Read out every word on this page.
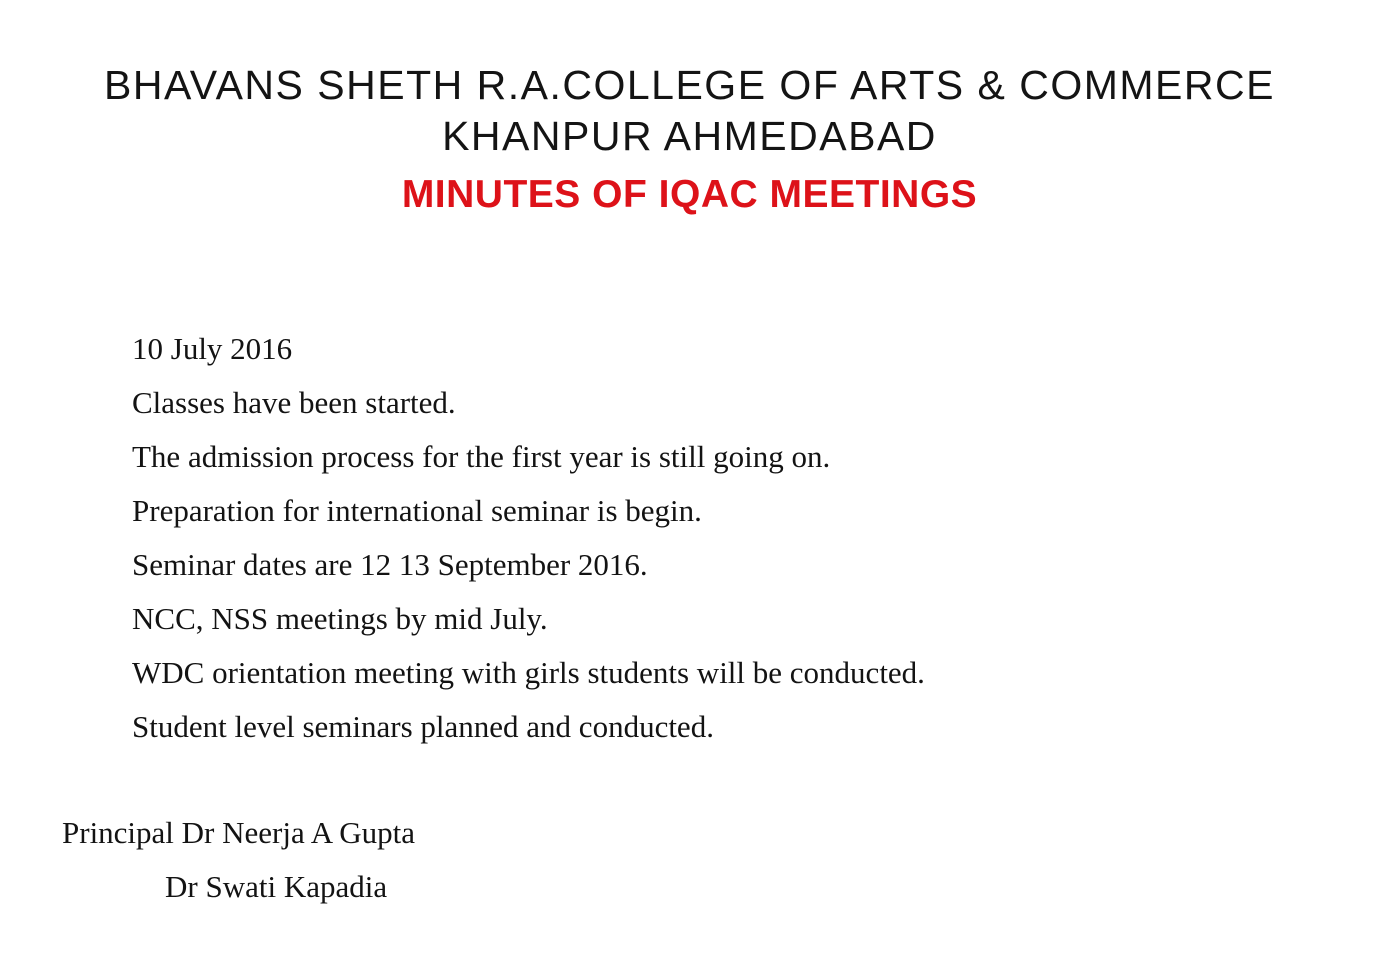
BHAVANS SHETH R.A.COLLEGE OF ARTS & COMMERCE
KHANPUR AHMEDABAD
MINUTES OF IQAC MEETINGS

10 July 2016

Classes have been started.

The admission process for the first year is still going on.

Preparation for international seminar is begin.

Seminar dates are 12 13 September 2016.

NCC, NSS meetings by mid July.

WDC orientation meeting with girls students will be conducted.

Student level seminars planned and conducted.

Principal Dr Neerja A Gupta

Dr Swati Kapadia
